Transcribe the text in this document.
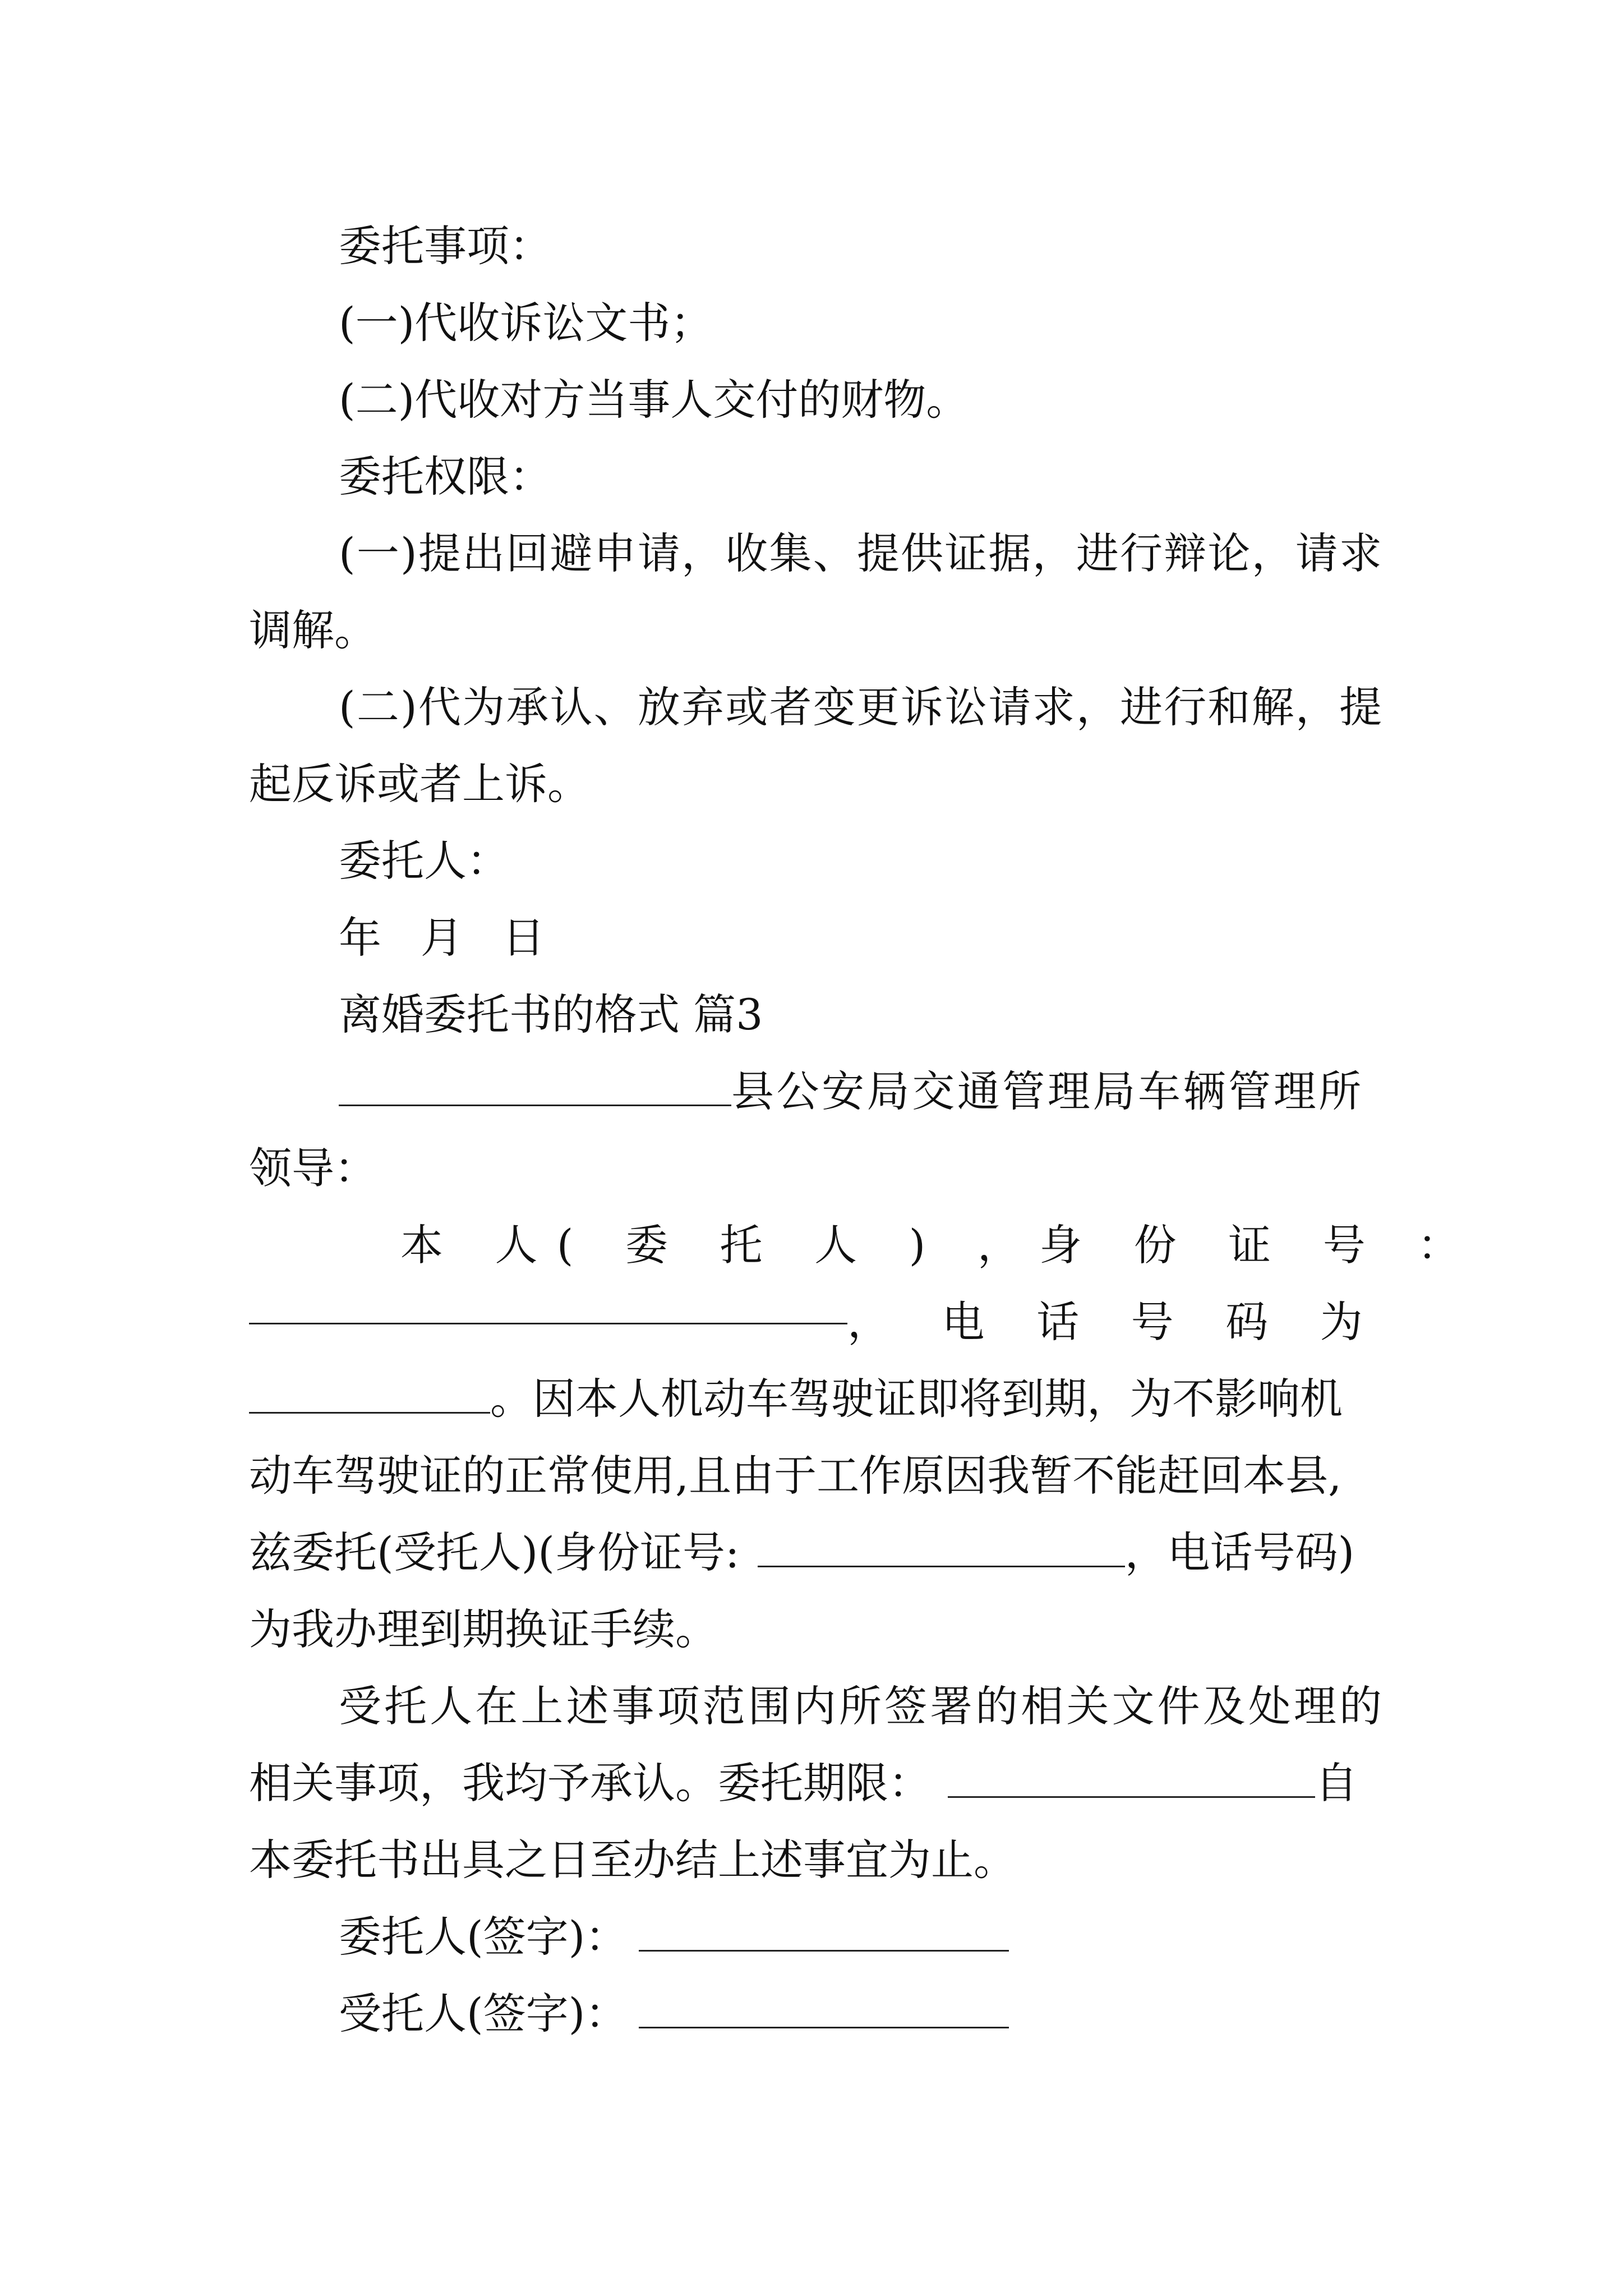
委托事项：
(一)代收诉讼文书；
(二)代收对方当事人交付的财物。
委托权限：
(一)提出回避申请，收集、提供证据，进行辩论，请求
调解。
(二)代为承认、放弃或者变更诉讼请求，进行和解，提
起反诉或者上诉。
委托人：
年 月 日
离婚委托书的格式 篇3
县公安局交通管理局车辆管理所
领导：
本 人 ( 委 托 人 ) ， 身 份 证 号 ：
， 电 话 号 码 为
。因本人机动车驾驶证即将到期，为不影响机
动车驾驶证的正常使用,且由于工作原因我暂不能赶回本县,
兹委托(受托人)(身份证号:	，电话号码)
为我办理到期换证手续。
受托人在上述事项范围内所签署的相关文件及处理的
相关事项，我均予承认。委托期限：	自
本委托书出具之日至办结上述事宜为止。
委托人(签字)：
受托人(签字)：
